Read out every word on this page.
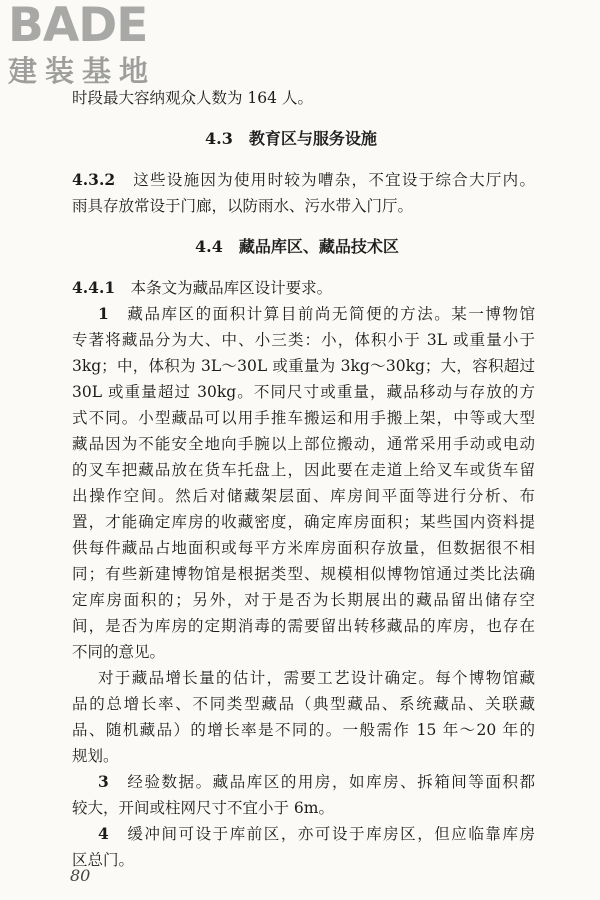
BADE
建装基地
时段最大容纳观众人数为 164 人。
4.3　教育区与服务设施
4.3.2　 这些设施因为使用时较为嘈杂，不宜设于综合大厅内。
雨具存放常设于门廊，以防雨水、污水带入门厅。
4.4　藏品库区、藏品技术区
4.4.1　 本条文为藏品库区设计要求。
1　 藏品库区的面积计算目前尚无简便的方法。某一博物馆
专著将藏品分为大、中、小三类：小，体积小于 3L 或重量小于
3kg；中，体积为 3L～30L 或重量为 3kg～30kg；大，容积超过
30L 或重量超过 30kg。不同尺寸或重量，藏品移动与存放的方
式不同。小型藏品可以用手推车搬运和用手搬上架，中等或大型
藏品因为不能安全地向手腕以上部位搬动，通常采用手动或电动
的叉车把藏品放在货车托盘上，因此要在走道上给叉车或货车留
出操作空间。然后对储藏架层面、库房间平面等进行分析、布
置，才能确定库房的收藏密度，确定库房面积；某些国内资料提
供每件藏品占地面积或每平方米库房面积存放量，但数据很不相
同；有些新建博物馆是根据类型、规模相似博物馆通过类比法确
定库房面积的；另外，对于是否为长期展出的藏品留出储存空
间，是否为库房的定期消毒的需要留出转移藏品的库房，也存在
不同的意见。
对于藏品增长量的估计，需要工艺设计确定。每个博物馆藏
品的总增长率、不同类型藏品（典型藏品、系统藏品、关联藏
品、随机藏品）的增长率是不同的。一般需作 15 年～20 年的
规划。
3　 经验数据。藏品库区的用房，如库房、拆箱间等面积都
较大，开间或柱网尺寸不宜小于 6m。
4　 缓冲间可设于库前区，亦可设于库房区，但应临靠库房
区总门。
80
